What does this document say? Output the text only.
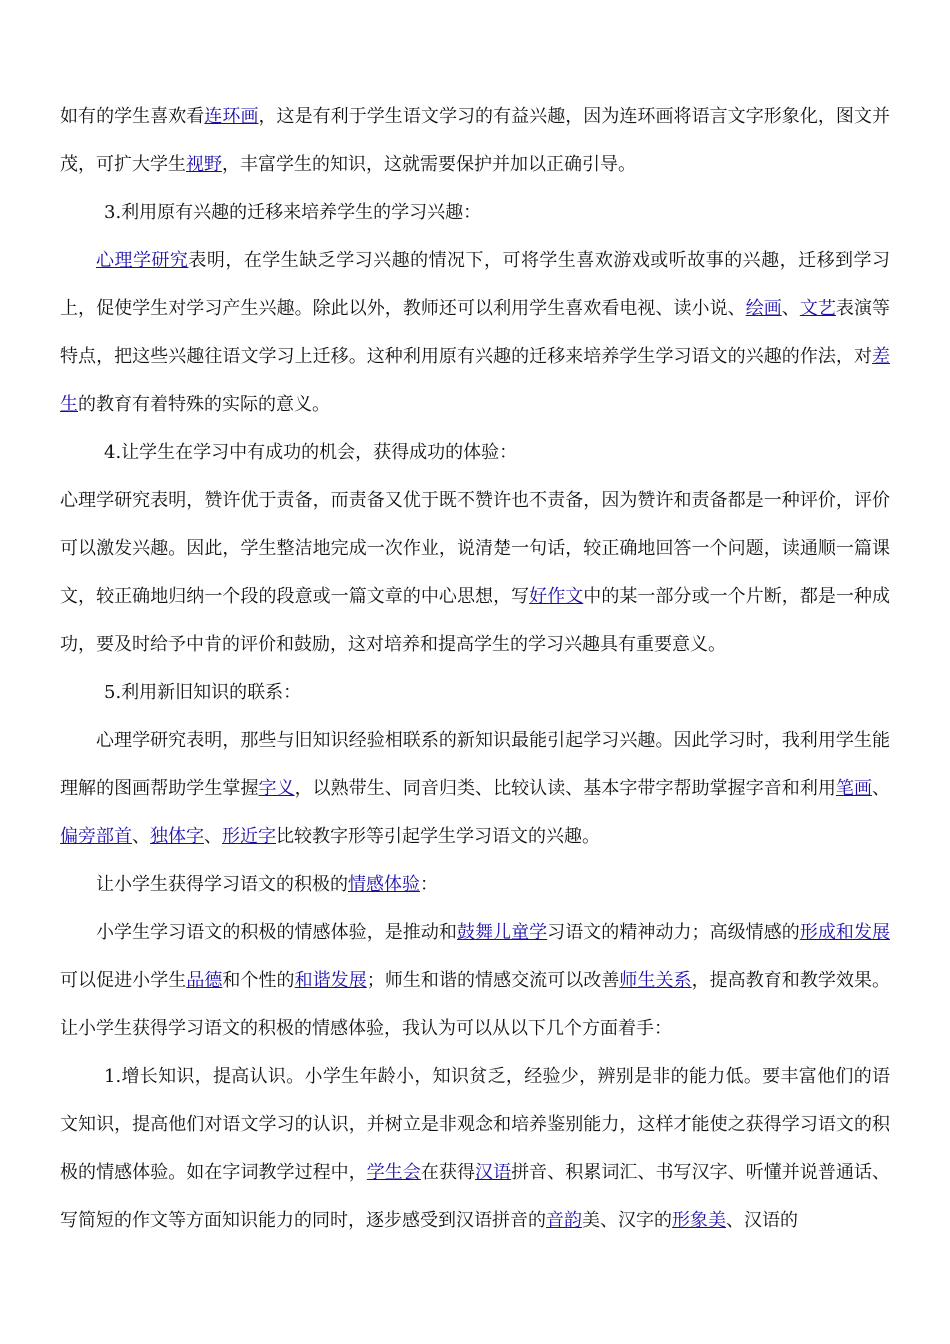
如有的学生喜欢看连环画，这是有利于学生语文学习的有益兴趣，因为连环画将语言文字形象化，图文并茂，可扩大学生视野，丰富学生的知识，这就需要保护并加以正确引导。

3.利用原有兴趣的迁移来培养学生的学习兴趣：

心理学研究表明，在学生缺乏学习兴趣的情况下，可将学生喜欢游戏或听故事的兴趣，迁移到学习上，促使学生对学习产生兴趣。除此以外，教师还可以利用学生喜欢看电视、读小说、绘画、文艺表演等特点，把这些兴趣往语文学习上迁移。这种利用原有兴趣的迁移来培养学生学习语文的兴趣的作法，对差生的教育有着特殊的实际的意义。

4.让学生在学习中有成功的机会，获得成功的体验：

心理学研究表明，赞许优于责备，而责备又优于既不赞许也不责备，因为赞许和责备都是一种评价，评价可以激发兴趣。因此，学生整洁地完成一次作业，说清楚一句话，较正确地回答一个问题，读通顺一篇课文，较正确地归纳一个段的段意或一篇文章的中心思想，写好作文中的某一部分或一个片断，都是一种成功，要及时给予中肯的评价和鼓励，这对培养和提高学生的学习兴趣具有重要意义。

5.利用新旧知识的联系：

心理学研究表明，那些与旧知识经验相联系的新知识最能引起学习兴趣。因此学习时，我利用学生能理解的图画帮助学生掌握字义，以熟带生、同音归类、比较认读、基本字带字帮助掌握字音和利用笔画、偏旁部首、独体字、形近字比较教字形等引起学生学习语文的兴趣。

让小学生获得学习语文的积极的情感体验：

小学生学习语文的积极的情感体验，是推动和鼓舞儿童学习语文的精神动力；高级情感的形成和发展可以促进小学生品德和个性的和谐发展；师生和谐的情感交流可以改善师生关系，提高教育和教学效果。让小学生获得学习语文的积极的情感体验，我认为可以从以下几个方面着手：

1.增长知识，提高认识。小学生年龄小，知识贫乏，经验少，辨别是非的能力低。要丰富他们的语文知识，提高他们对语文学习的认识，并树立是非观念和培养鉴别能力，这样才能使之获得学习语文的积极的情感体验。如在字词教学过程中，学生会在获得汉语拼音、积累词汇、书写汉字、听懂并说普通话、写简短的作文等方面知识能力的同时，逐步感受到汉语拼音的音韵美、汉字的形象美、汉语的
